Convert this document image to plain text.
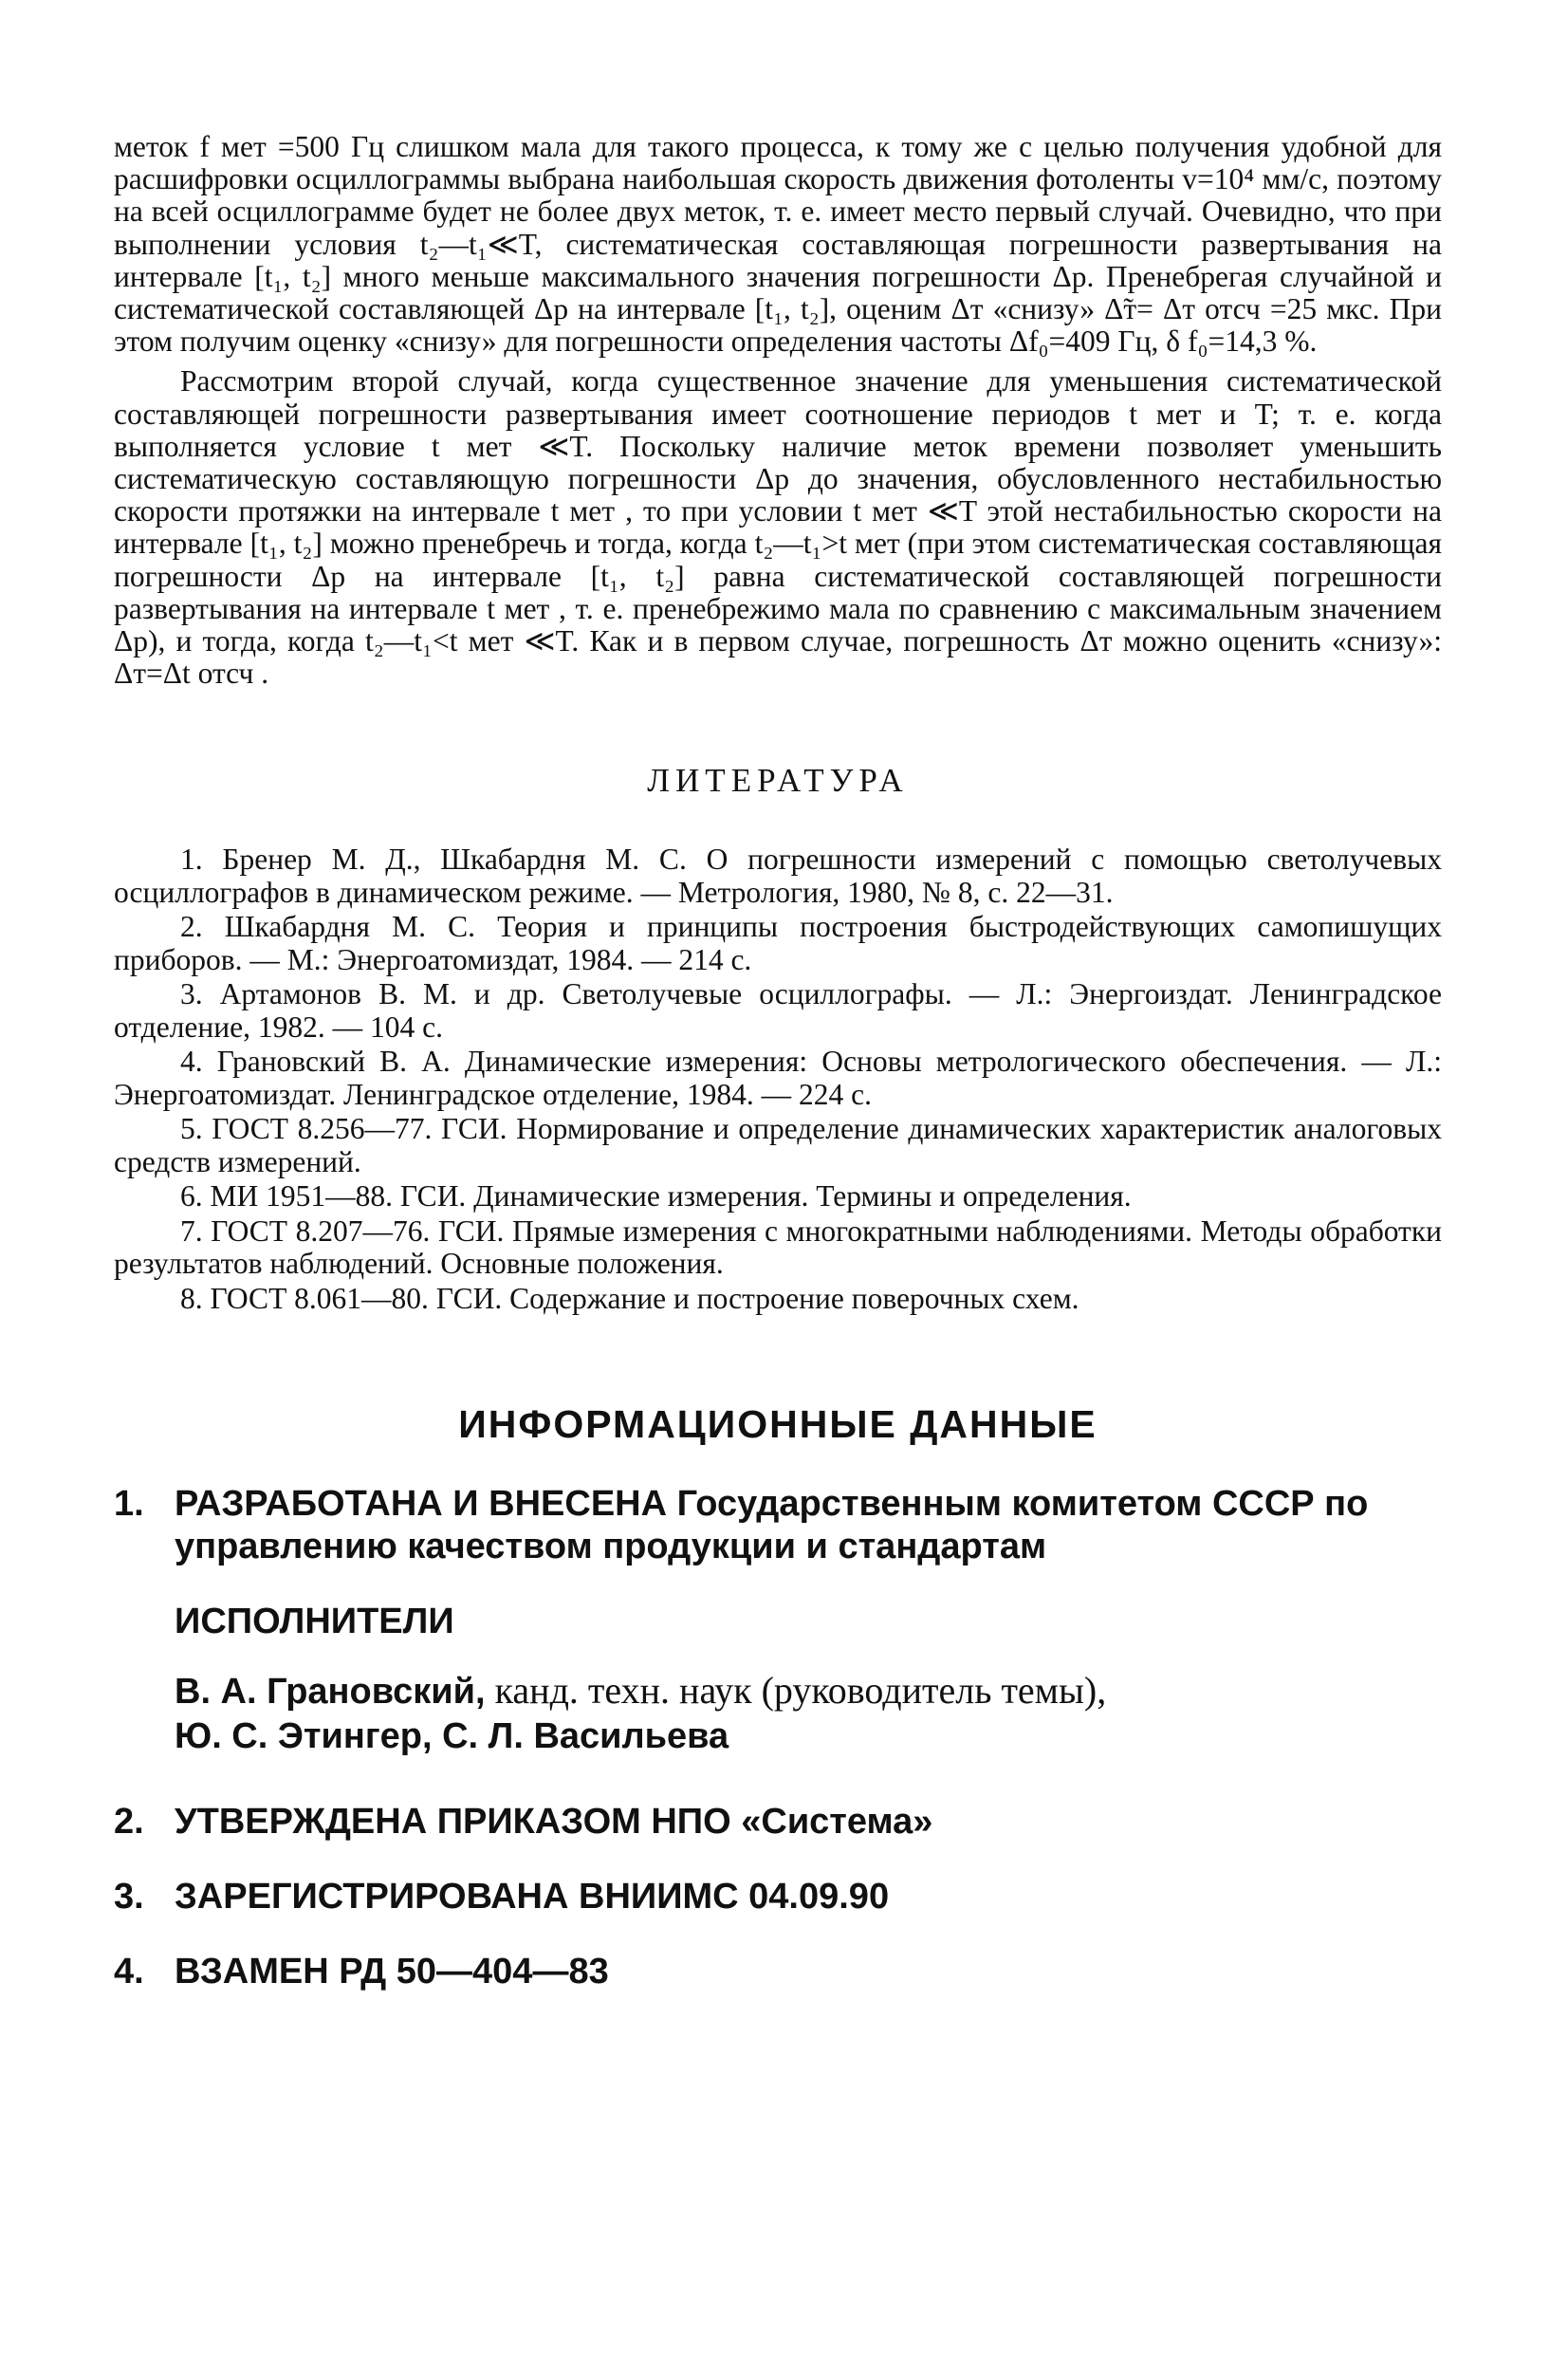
меток f мет =500 Гц слишком мала для такого процесса, к тому же с целью получения удобной для расшифровки осциллограммы выбрана наибольшая скорость движения фотоленты v=10⁴ мм/с, поэтому на всей осциллограмме будет не более двух меток, т. е. имеет место первый случай. Очевидно, что при выполнении условия t₂—t₁≪T, систематическая составляющая погрешности развертывания на интервале [t₁, t₂] много меньше максимального значения погрешности Δр. Пренебрегая случайной и систематической составляющей Δр на интервале [t₁, t₂], оценим Δт «снизу» Δ̃т= Δт отсч =25 мкс. При этом получим оценку «снизу» для погрешности определения частоты Δf₀=409 Гц, δ f₀=14,3 %.

Рассмотрим второй случай, когда существенное значение для уменьшения систематической составляющей погрешности развертывания имеет соотношение периодов t мет и T; т. е. когда выполняется условие t мет ≪T. Поскольку наличие меток времени позволяет уменьшить систематическую составляющую погрешности Δр до значения, обусловленного нестабильностью скорости протяжки на интервале t мет , то при условии t мет ≪T этой нестабильностью скорости на интервале [t₁, t₂] можно пренебречь и тогда, когда t₂—t₁>t мет (при этом систематическая составляющая погрешности Δр на интервале [t₁, t₂] равна систематической составляющей погрешности развертывания на интервале t мет , т. е. пренебрежимо мала по сравнению с максимальным значением Δр), и тогда, когда t₂—t₁<t мет ≪T. Как и в первом случае, погрешность Δт можно оценить «снизу»: Δт=Δt отсч .

ЛИТЕРАТУРА
1. Бренер М. Д., Шкабардня М. С. О погрешности измерений с помощью светолучевых осциллографов в динамическом режиме. — Метрология, 1980, № 8, с. 22—31.
2. Шкабардня М. С. Теория и принципы построения быстродействующих самопишущих приборов. — М.: Энергоатомиздат, 1984. — 214 с.
3. Артамонов В. М. и др. Светолучевые осциллографы. — Л.: Энергоиздат. Ленинградское отделение, 1982. — 104 с.
4. Грановский В. А. Динамические измерения: Основы метрологического обеспечения. — Л.: Энергоатомиздат. Ленинградское отделение, 1984. — 224 с.
5. ГОСТ 8.256—77. ГСИ. Нормирование и определение динамических характеристик аналоговых средств измерений.
6. МИ 1951—88. ГСИ. Динамические измерения. Термины и определения.
7. ГОСТ 8.207—76. ГСИ. Прямые измерения с многократными наблюдениями. Методы обработки результатов наблюдений. Основные положения.
8. ГОСТ 8.061—80. ГСИ. Содержание и построение поверочных схем.
ИНФОРМАЦИОННЫЕ ДАННЫЕ
1. РАЗРАБОТАНА И ВНЕСЕНА Государственным комитетом СССР по управлению качеством продукции и стандартам
ИСПОЛНИТЕЛИ
В. А. Грановский, канд. техн. наук (руководитель темы),
Ю. С. Этингер, С. Л. Васильева
2. УТВЕРЖДЕНА ПРИКАЗОМ НПО «Система»
3. ЗАРЕГИСТРИРОВАНА ВНИИМС 04.09.90
4. ВЗАМЕН РД 50—404—83
